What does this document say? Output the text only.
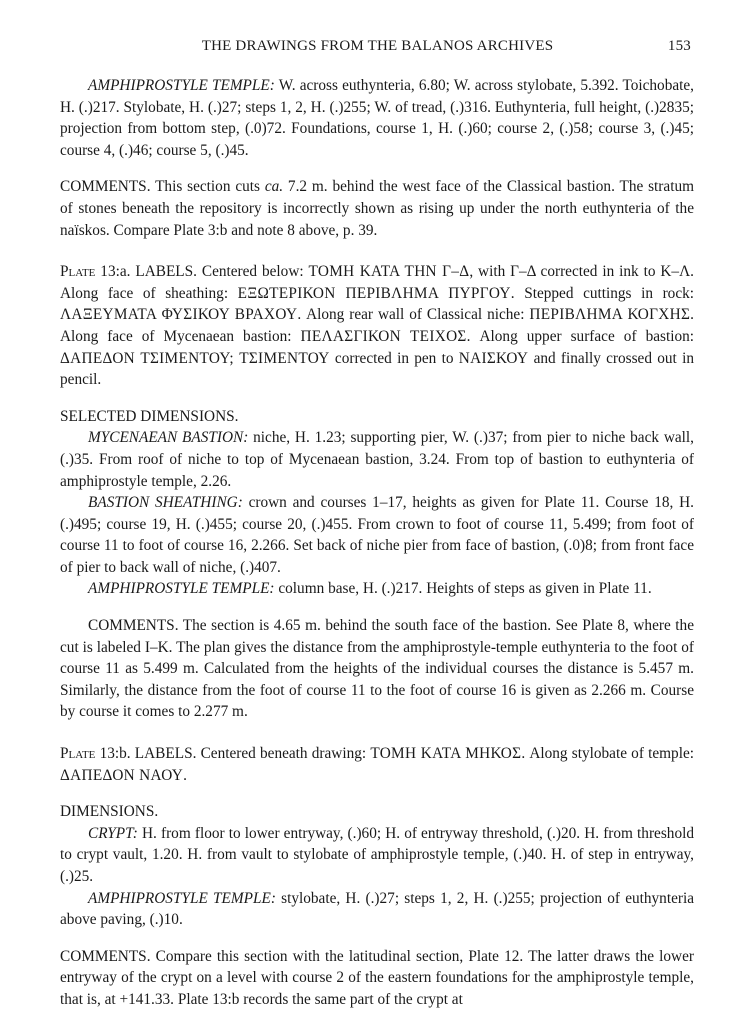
THE DRAWINGS FROM THE BALANOS ARCHIVES	153

AMPHIPROSTYLE TEMPLE: W. across euthynteria, 6.80; W. across stylobate, 5.392. Toichobate, H. (.)217. Stylobate, H. (.)27; steps 1, 2, H. (.)255; W. of tread, (.)316. Euthynteria, full height, (.)2835; projection from bottom step, (.0)72. Foundations, course 1, H. (.)60; course 2, (.)58; course 3, (.)45; course 4, (.)46; course 5, (.)45.

COMMENTS. This section cuts ca. 7.2 m. behind the west face of the Classical bastion. The stratum of stones beneath the repository is incorrectly shown as rising up under the north euthynteria of the naïskos. Compare Plate 3:b and note 8 above, p. 39.

Plate 13:a. LABELS. Centered below: ΤΟΜΗ ΚΑΤΑ ΤΗΝ Γ–Δ, with Γ–Δ corrected in ink to Κ–Λ. Along face of sheathing: ΕΞΩΤΕΡΙΚΟΝ ΠΕΡΙΒΛΗΜΑ ΠΥΡΓΟΥ. Stepped cuttings in rock: ΛΑΞΕΥΜΑΤΑ ΦΥΣΙΚΟΥ ΒΡΑΧΟΥ. Along rear wall of Classical niche: ΠΕΡΙΒΛΗΜΑ ΚΟΓΧΗΣ. Along face of Mycenaean bastion: ΠΕΛΑΣΓΙΚΟΝ ΤΕΙΧΟΣ. Along upper surface of bastion: ΔΑΠΕΔΟΝ ΤΣΙΜΕΝΤΟΥ; ΤΣΙΜΕΝΤΟΥ corrected in pen to ΝΑΙΣΚΟΥ and finally crossed out in pencil.

SELECTED DIMENSIONS.

MYCENAEAN BASTION: niche, H. 1.23; supporting pier, W. (.)37; from pier to niche back wall, (.)35. From roof of niche to top of Mycenaean bastion, 3.24. From top of bastion to euthynteria of amphiprostyle temple, 2.26.

BASTION SHEATHING: crown and courses 1–17, heights as given for Plate 11. Course 18, H. (.)495; course 19, H. (.)455; course 20, (.)455. From crown to foot of course 11, 5.499; from foot of course 11 to foot of course 16, 2.266. Set back of niche pier from face of bastion, (.0)8; from front face of pier to back wall of niche, (.)407.

AMPHIPROSTYLE TEMPLE: column base, H. (.)217. Heights of steps as given in Plate 11.

COMMENTS. The section is 4.65 m. behind the south face of the bastion. See Plate 8, where the cut is labeled I–K. The plan gives the distance from the amphiprostyle-temple euthynteria to the foot of course 11 as 5.499 m. Calculated from the heights of the individual courses the distance is 5.457 m. Similarly, the distance from the foot of course 11 to the foot of course 16 is given as 2.266 m. Course by course it comes to 2.277 m.

Plate 13:b. LABELS. Centered beneath drawing: ΤΟΜΗ ΚΑΤΑ ΜΗΚΟΣ. Along stylobate of temple: ΔΑΠΕΔΟΝ ΝΑΟΥ.

DIMENSIONS.

CRYPT: H. from floor to lower entryway, (.)60; H. of entryway threshold, (.)20. H. from threshold to crypt vault, 1.20. H. from vault to stylobate of amphiprostyle temple, (.)40. H. of step in entryway, (.)25.

AMPHIPROSTYLE TEMPLE: stylobate, H. (.)27; steps 1, 2, H. (.)255; projection of euthynteria above paving, (.)10.

COMMENTS. Compare this section with the latitudinal section, Plate 12. The latter draws the lower entryway of the crypt on a level with course 2 of the eastern foundations for the amphiprostyle temple, that is, at +141.33. Plate 13:b records the same part of the crypt at
